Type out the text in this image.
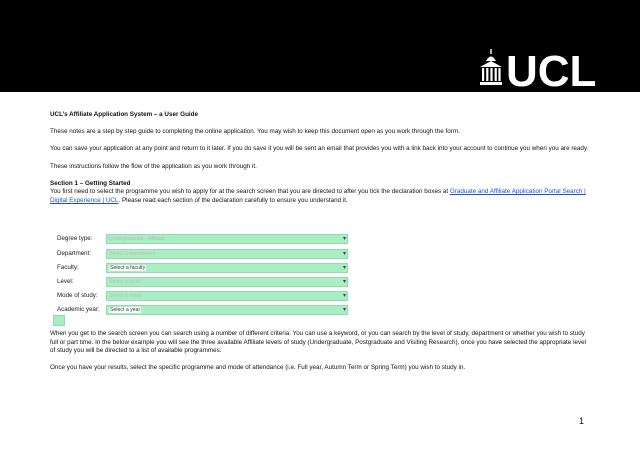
UCL

UCL’s Affiliate Application System – a User Guide

These notes are a step by step guide to completing the online application. You may wish to keep this document open as you work through the form.

You can save your application at any point and return to it later. If you do save it you will be sent an email that provides you with a link back into your account to continue you when you are ready.

These instructions follow the flow of the application as you work through it.

Section 1 – Getting Started

You first need to select the programme you wish to apply for at the search screen that you are directed to after you tick the declaration boxes at Graduate and Affiliate Application Portal Search | Digital Experience | UCL. Please read each section of the declaration carefully to ensure you understand it.

Degree type:	Undergraduate - Affiliate	▾
Department:	Select a department	▾
Faculty:	Select a faculty	▾
Level:	Select a level	▾
Mode of study:	Select a mode	▾
Academic year:	Select a year	▾

When you get to the search screen you can search using a number of different criteria. You can use a keyword, or you can search by the level of study, department or whether you wish to study full or part time. In the below example you will see the three available Affiliate levels of study (Undergraduate, Postgraduate and Visiting Research), once you have selected the appropriate level of study you will be directed to a list of available programmes.

Once you have your results, select the specific programme and mode of attendance (i.e. Full year, Autumn Term or Spring Term) you wish to study in.

1
